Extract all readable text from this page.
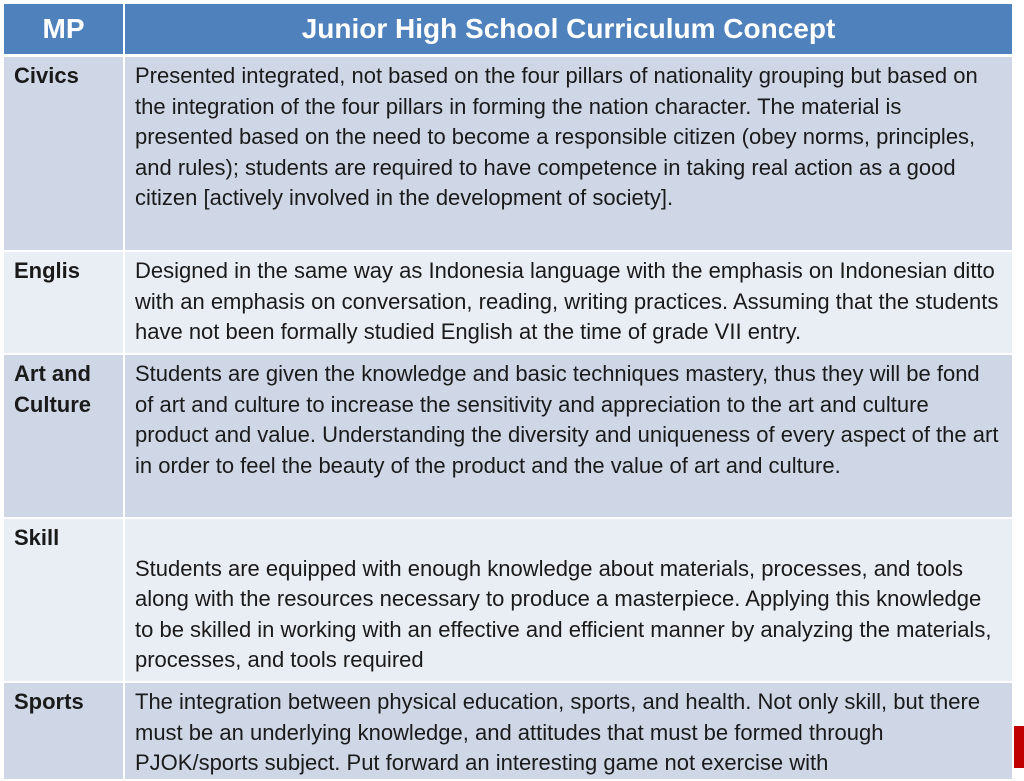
MP	Junior High School Curriculum Concept
Civics	Presented integrated, not based on the four pillars of nationality grouping but based on the integration of the four pillars in forming the nation character. The material is presented based on the need to become a responsible citizen (obey norms, principles, and rules); students are required to have competence in taking real action as a good citizen [actively involved in the development of society].
Englis	Designed in the same way as Indonesia language with the emphasis on Indonesian ditto with an emphasis on conversation, reading, writing practices. Assuming that the students have not been formally studied English at the time of grade VII entry.
Art and Culture	Students are given the knowledge and basic techniques mastery, thus they will be fond of art and culture to increase the sensitivity and appreciation to the art and culture product and value. Understanding the diversity and uniqueness of every aspect of the art in order to feel the beauty of the product and the value of art and culture.
Skill	Students are equipped with enough knowledge about materials, processes, and tools along with the resources necessary to produce a masterpiece. Applying this knowledge to be skilled in working with an effective and efficient manner by analyzing the materials, processes, and tools required
Sports	The integration between physical education, sports, and health. Not only skill, but there must be an underlying knowledge, and attitudes that must be formed through PJOK/sports subject. Put forward an interesting game not exercise with
